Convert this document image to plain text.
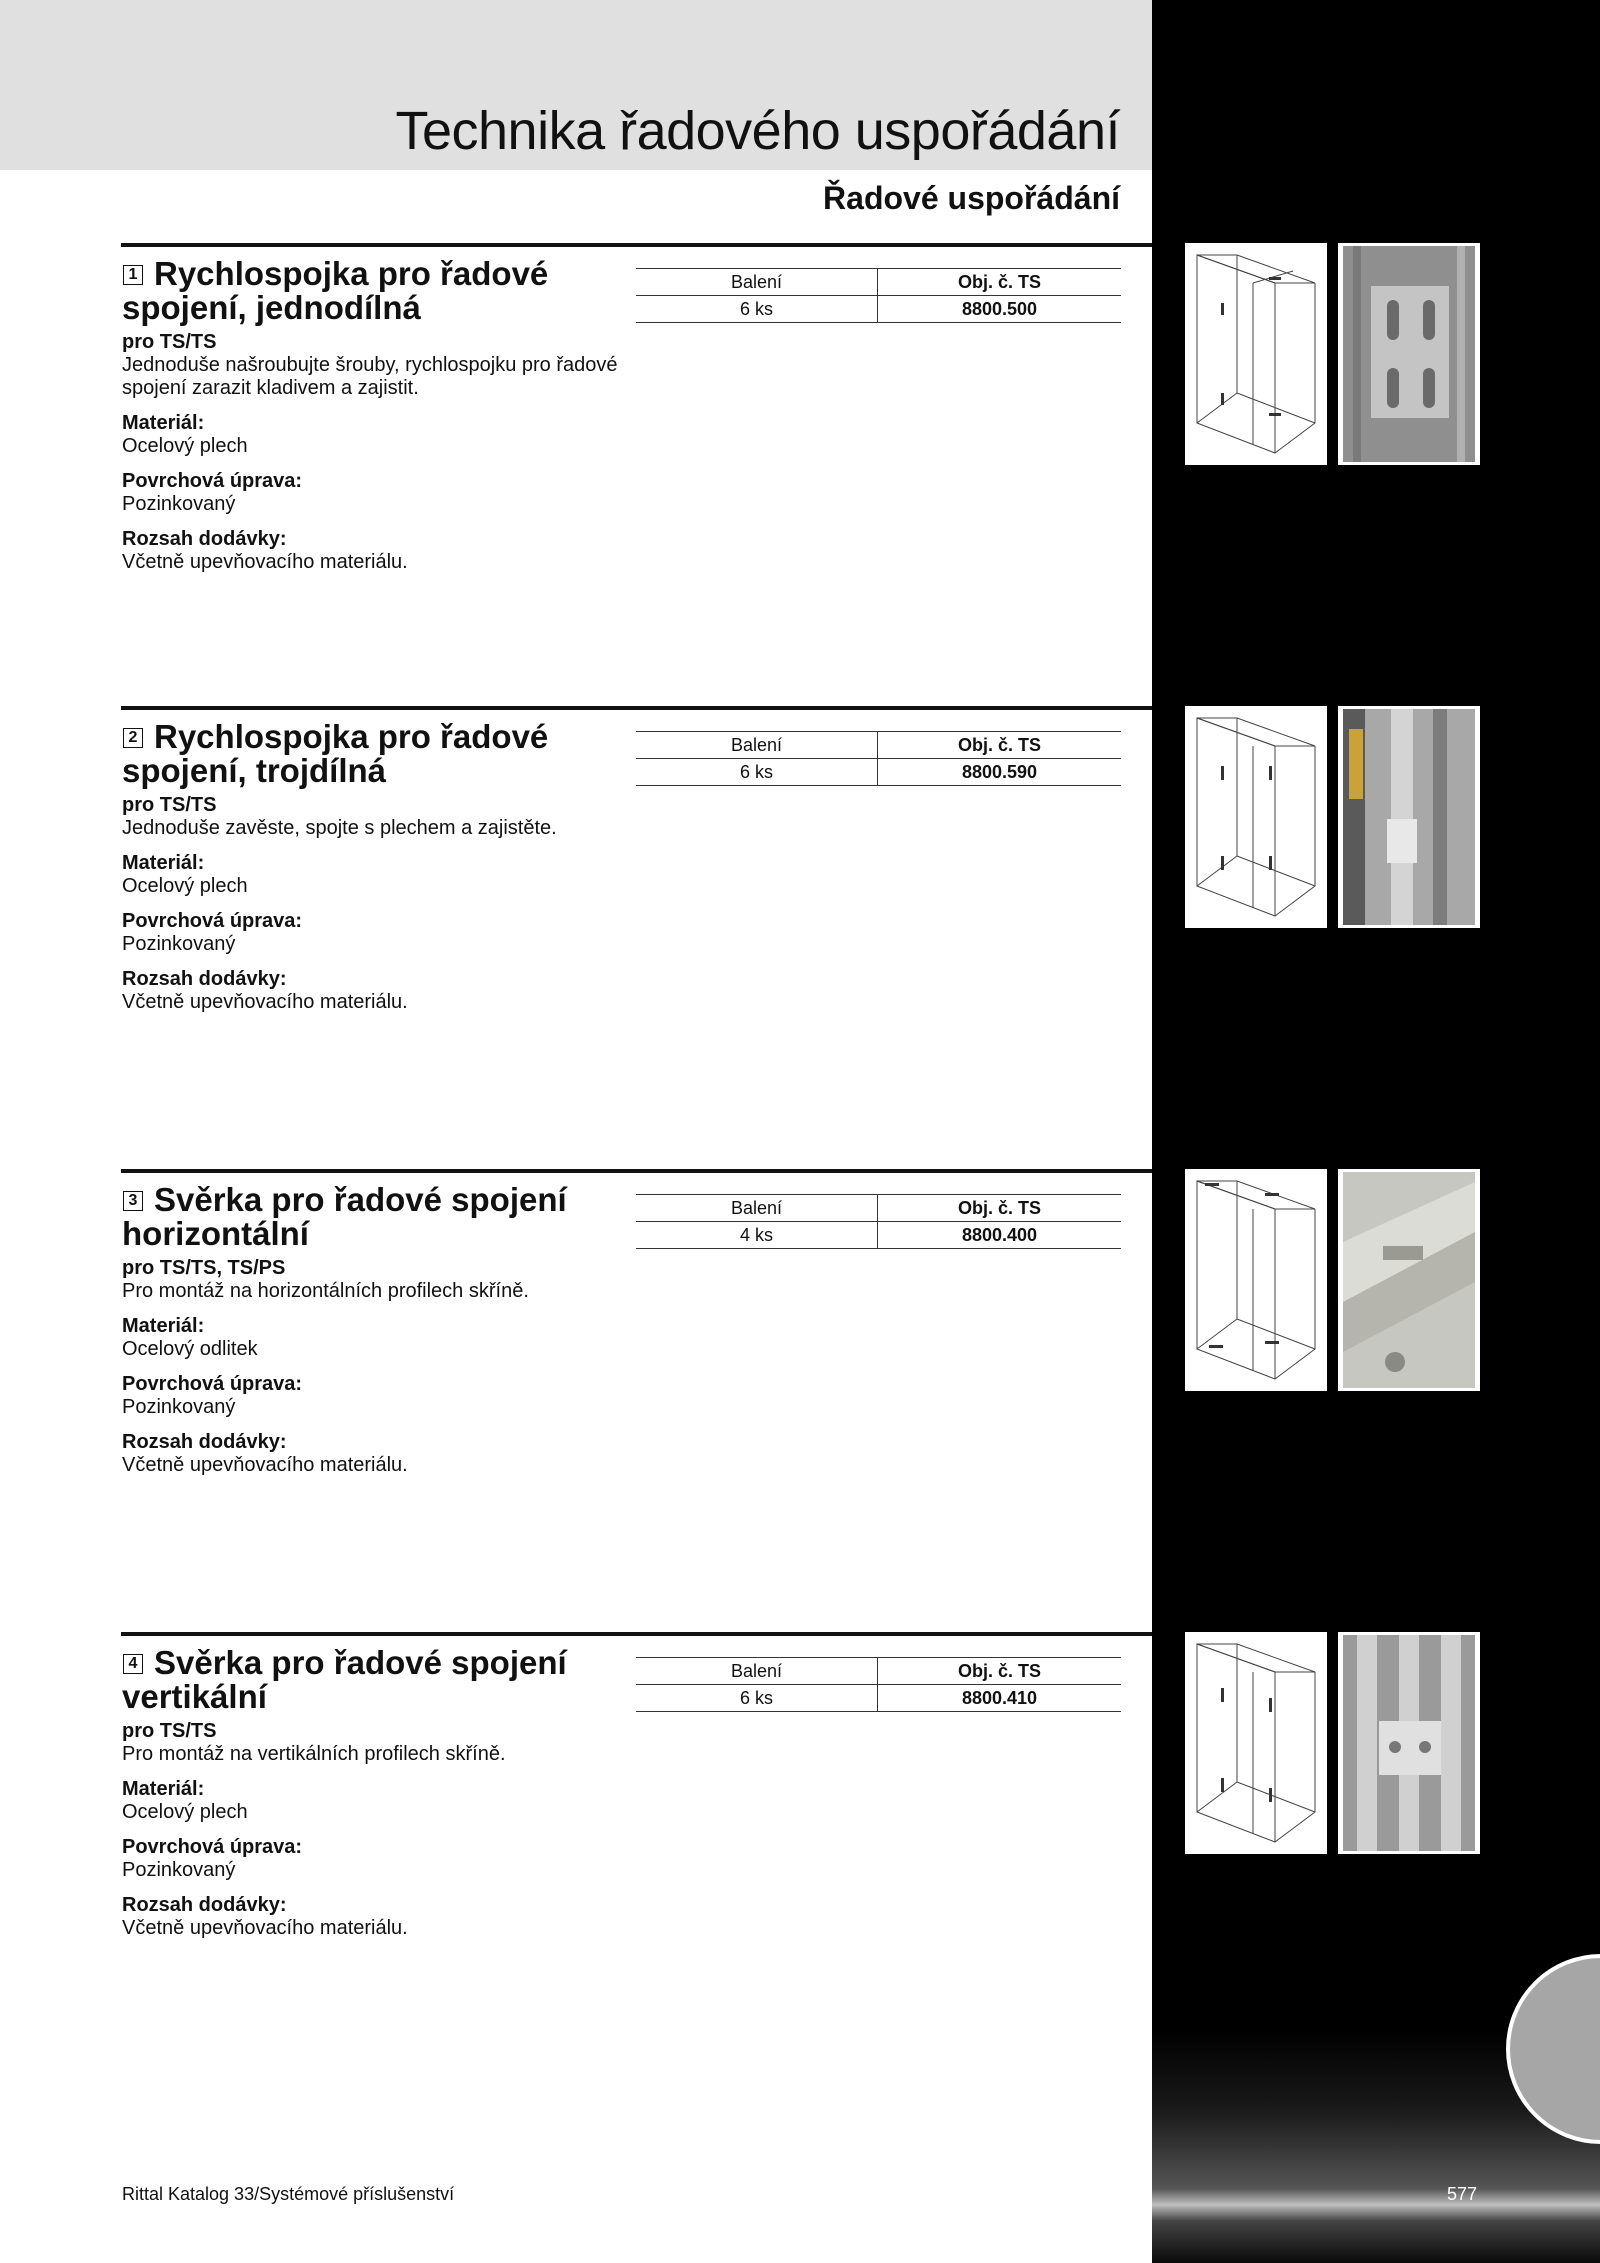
Technika řadového uspořádání
Řadové uspořádání
1 Rychlospojka pro řadové spojení, jednodílná
pro TS/TS
Jednoduše našroubujte šrouby, rychlospojku pro řadové spojení zarazit kladivem a zajistit.
Materiál:
Ocelový plech
Povrchová úprava:
Pozinkovaný
Rozsah dodávky:
Včetně upevňovacího materiálu.
Balení	Obj. č. TS
6 ks	8800.500
2 Rychlospojka pro řadové spojení, trojdílná
pro TS/TS
Jednoduše zavěste, spojte s plechem a zajistěte.
Materiál:
Ocelový plech
Povrchová úprava:
Pozinkovaný
Rozsah dodávky:
Včetně upevňovacího materiálu.
Balení	Obj. č. TS
6 ks	8800.590
3 Svěrka pro řadové spojení horizontální
pro TS/TS, TS/PS
Pro montáž na horizontálních profilech skříně.
Materiál:
Ocelový odlitek
Povrchová úprava:
Pozinkovaný
Rozsah dodávky:
Včetně upevňovacího materiálu.
Balení	Obj. č. TS
4 ks	8800.400
4 Svěrka pro řadové spojení vertikální
pro TS/TS
Pro montáž na vertikálních profilech skříně.
Materiál:
Ocelový plech
Povrchová úprava:
Pozinkovaný
Rozsah dodávky:
Včetně upevňovacího materiálu.
Balení	Obj. č. TS
6 ks	8800.410
Rittal Katalog 33/Systémové příslušenství	577
